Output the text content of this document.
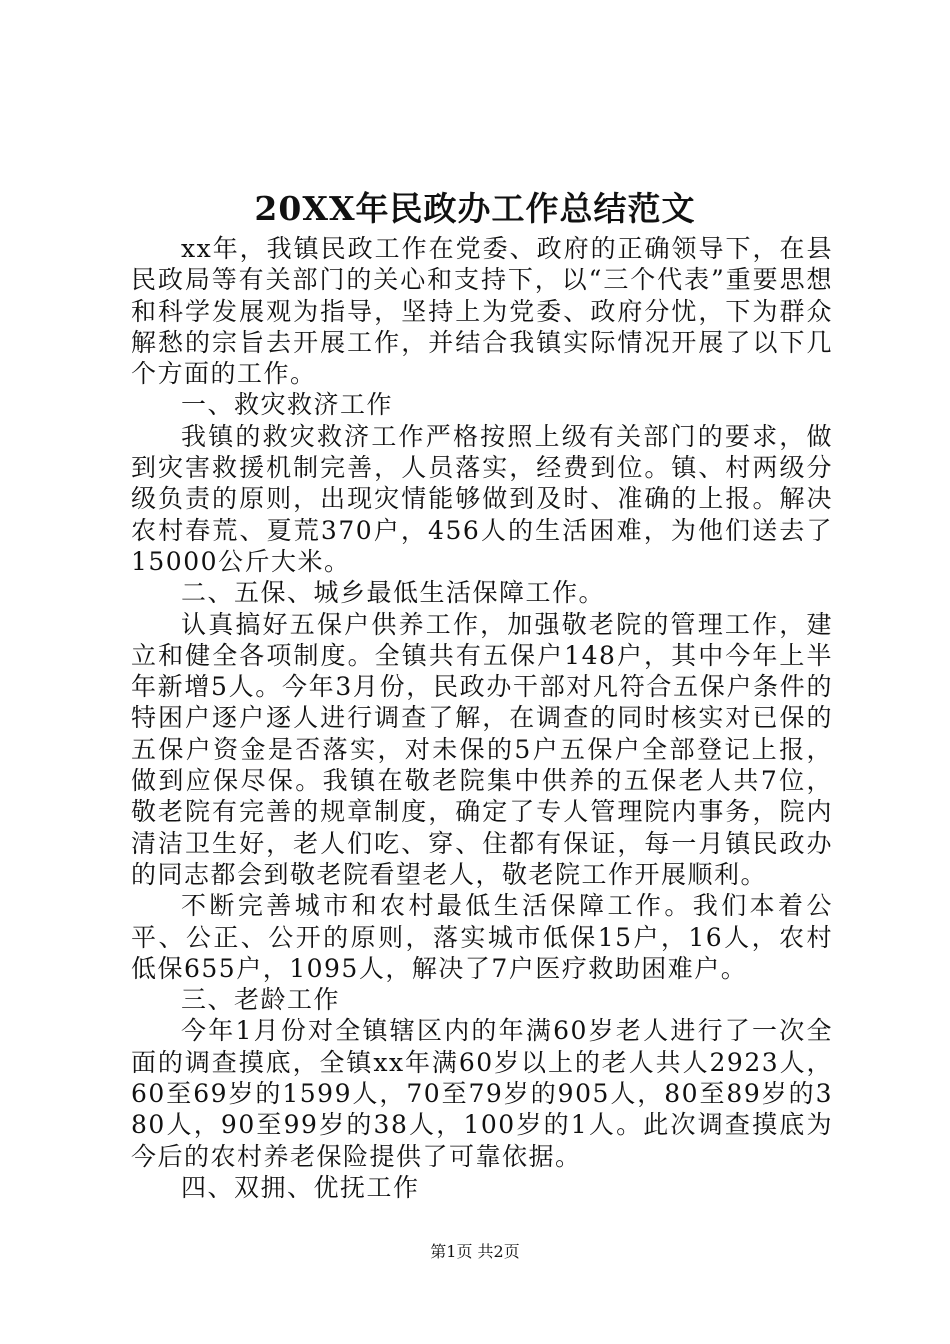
20XX年民政办工作总结范文

xx年，我镇民政工作在党委、政府的正确领导下，在县民政局等有关部门的关心和支持下，以“三个代表”重要思想和科学发展观为指导，坚持上为党委、政府分忧，下为群众解愁的宗旨去开展工作，并结合我镇实际情况开展了以下几个方面的工作。

一、救灾救济工作

我镇的救灾救济工作严格按照上级有关部门的要求，做到灾害救援机制完善，人员落实，经费到位。镇、村两级分级负责的原则，出现灾情能够做到及时、准确的上报。解决农村春荒、夏荒370户，456人的生活困难，为他们送去了15000公斤大米。

二、五保、城乡最低生活保障工作。

认真搞好五保户供养工作，加强敬老院的管理工作，建立和健全各项制度。全镇共有五保户148户，其中今年上半年新增5人。今年3月份，民政办干部对凡符合五保户条件的特困户逐户逐人进行调查了解，在调查的同时核实对已保的五保户资金是否落实，对未保的5户五保户全部登记上报，做到应保尽保。我镇在敬老院集中供养的五保老人共7位，敬老院有完善的规章制度，确定了专人管理院内事务，院内清洁卫生好，老人们吃、穿、住都有保证，每一月镇民政办的同志都会到敬老院看望老人，敬老院工作开展顺利。

不断完善城市和农村最低生活保障工作。我们本着公平、公正、公开的原则，落实城市低保15户，16人，农村低保655户，1095人，解决了7户医疗救助困难户。

三、老龄工作

今年1月份对全镇辖区内的年满60岁老人进行了一次全面的调查摸底，全镇xx年满60岁以上的老人共人2923人，60至69岁的1599人，70至79岁的905人，80至89岁的380人，90至99岁的38人，100岁的1人。此次调查摸底为今后的农村养老保险提供了可靠依据。

四、双拥、优抚工作

第1页 共2页
